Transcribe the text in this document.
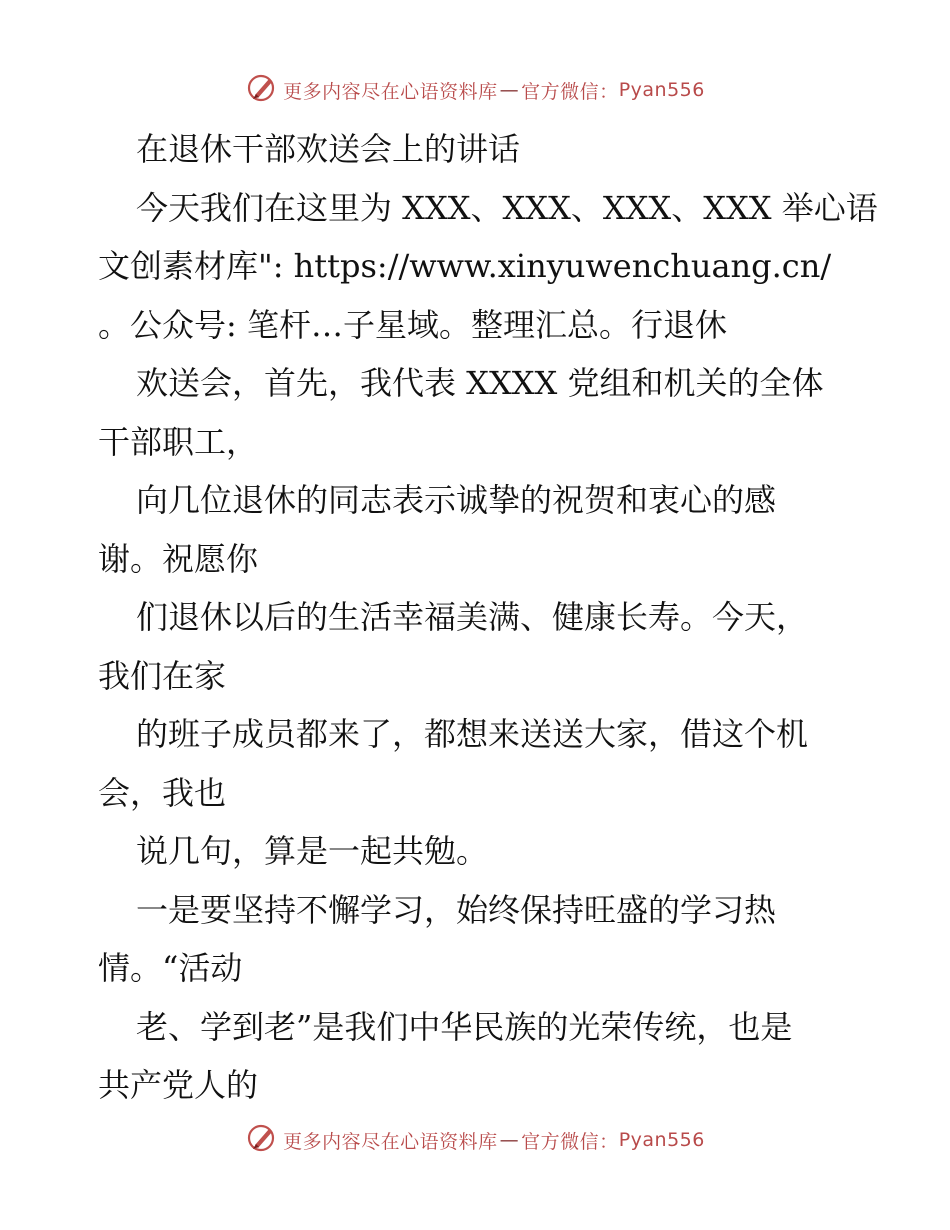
更多内容尽在心语资料库 — 官方微信： Pyan556
在退休干部欢送会上的讲话
今天我们在这里为 XXX、XXX、XXX、XXX 举心语
文创素材库": https://www.xinyuwenchuang.cn/
。公众号: 笔杆…子星域。整理汇总。行退休
欢送会，首先，我代表 XXXX 党组和机关的全体
干部职工，
向几位退休的同志表示诚挚的祝贺和衷心的感
谢。祝愿你
们退休以后的生活幸福美满、健康长寿。今天，
我们在家
的班子成员都来了，都想来送送大家，借这个机
会，我也
说几句，算是一起共勉。
一是要坚持不懈学习，始终保持旺盛的学习热
情。“活动
老、学到老”是我们中华民族的光荣传统，也是
共产党人的
更多内容尽在心语资料库 — 官方微信： Pyan556
